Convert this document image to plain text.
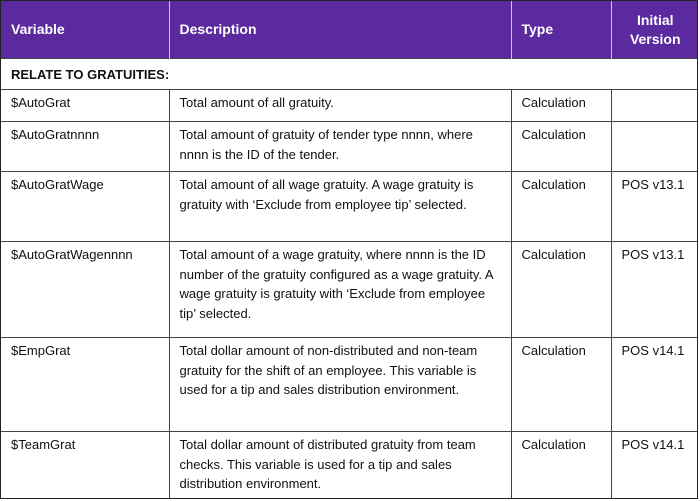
Variable	Description	Type	Initial Version
RELATE TO GRATUITIES:			
$AutoGrat	Total amount of all gratuity.	Calculation	
$AutoGratnnnn	Total amount of gratuity of tender type nnnn, where nnnn is the ID of the tender.	Calculation	
$AutoGratWage	Total amount of all wage gratuity. A wage gratuity is gratuity with ‘Exclude from employee tip’ selected.	Calculation	POS v13.1
$AutoGratWagennnn	Total amount of a wage gratuity, where nnnn is the ID number of the gratuity configured as a wage gratuity. A wage gratuity is gratuity with ‘Exclude from employee tip’ selected.	Calculation	POS v13.1
$EmpGrat	Total dollar amount of non-distributed and non-team gratuity for the shift of an employee. This variable is used for a tip and sales distribution environment.	Calculation	POS v14.1
$TeamGrat	Total dollar amount of distributed gratuity from team checks. This variable is used for a tip and sales distribution environment.	Calculation	POS v14.1
